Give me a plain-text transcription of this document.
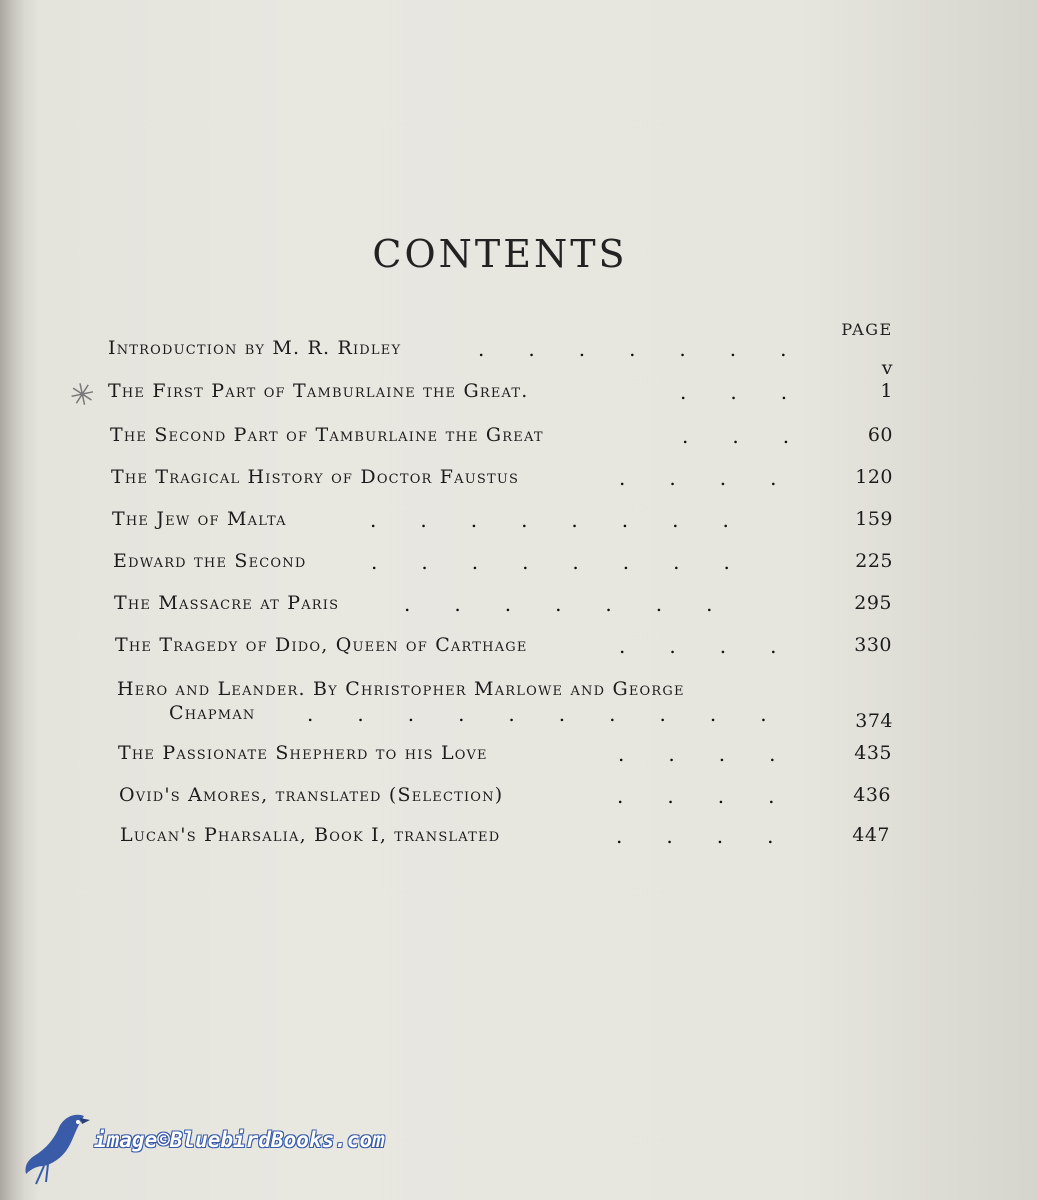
CONTENTS
PAGE
✳
Introduction by M. R. Ridley	.......
v
The First Part of Tamburlaine the Great.	...	1
The Second Part of Tamburlaine the Great	...	60
The Tragical History of Doctor Faustus	....	120
The Jew of Malta	........	159
Edward the Second	........	225
The Massacre at Paris	.......	295
The Tragedy of Dido, Queen of Carthage	....	330
Hero and Leander. By Christopher Marlowe and George
Chapman	..........	374
The Passionate Shepherd to his Love	....	435
Ovid's Amores, translated (Selection)	....	436
Lucan's Pharsalia, Book I, translated	....	447
image©BluebirdBooks.com
